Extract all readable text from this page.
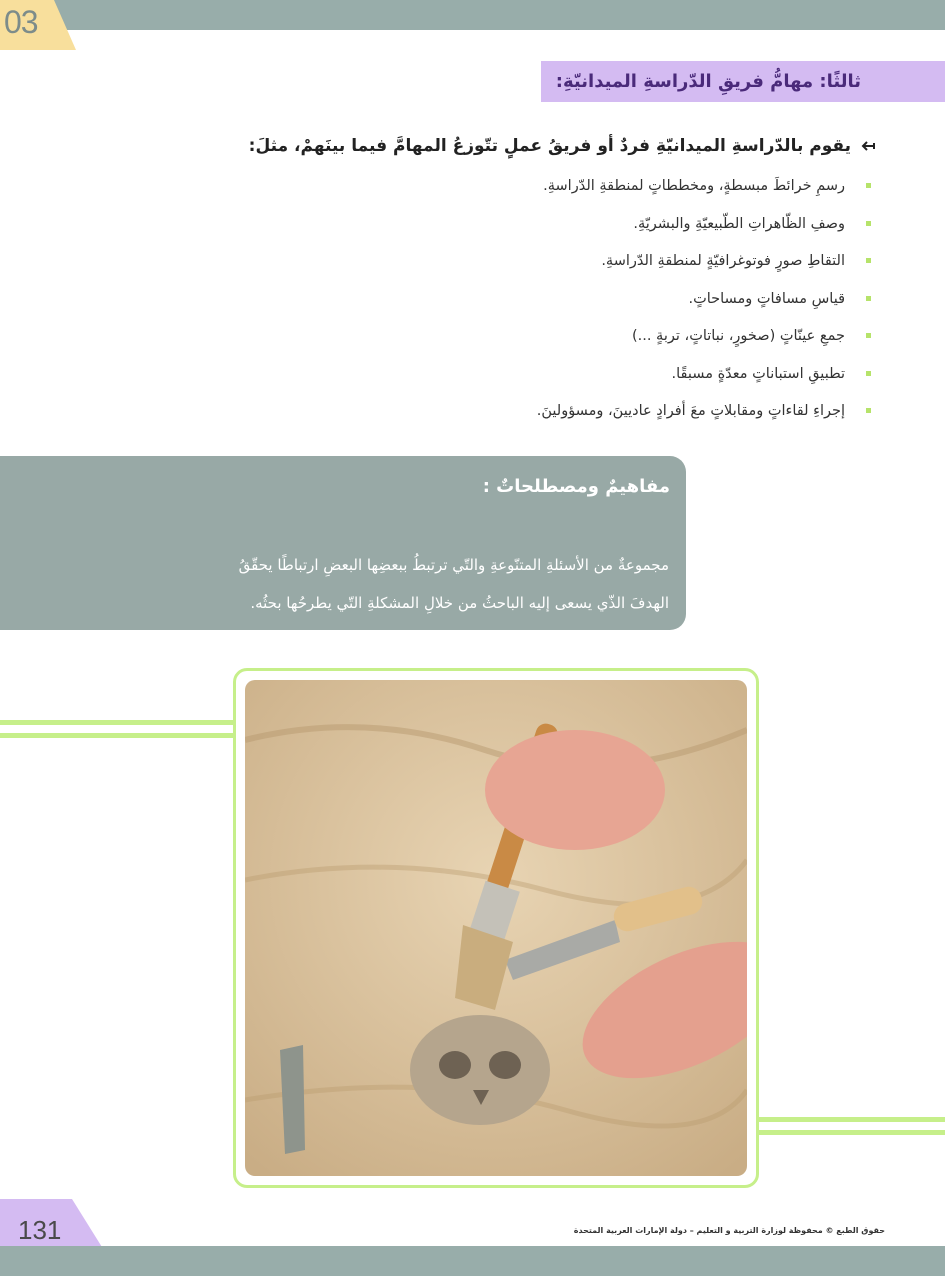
03
ثالثًا: مهامُّ فريقِ الدّراسةِ الميدانيّةِ:
يقوم بالدّراسةِ الميدانيّةِ فردٌ أو فريقُ عملٍ تتّوزعُ المهامَّ فيما بينَهمْ، مثلَ:
رسمِ خرائطَ مبسطةٍ، ومخططاتٍ لمنطقةِ الدّراسةِ.
وصفِ الظّاهراتِ الطّبيعيّةِ والبشريّةِ.
التقاطِ صورٍ فوتوغرافيّةٍ لمنطقةِ الدّراسةِ.
قياسِ مسافاتٍ ومساحاتٍ.
جمعِ عينّاتٍ (صخورٍ، نباتاتٍ، تربةٍ ...)
تطبيقِ استباناتٍ معدّةٍ مسبقًا.
إجراءِ لقاءاتٍ ومقابلاتٍ معَ أفرادٍ عاديينَ، ومسؤولينَ.
مفاهيمٌ ومصطلحاتٌ :
الاستبانةُ:
مجموعةٌ من الأسئلةِ المتنّوعةِ والتّي ترتبطُ ببعضِها البعضِ ارتباطًا يحقّقُ
الهدفَ الذّي يسعى إليه الباحثُ من خلالِ المشكلةِ التّي يطرحُها بحثُه.
131	حقوق الطبع © محفوظة لوزارة التربية و التعليم – دولة الإمارات العربية المتحدة
